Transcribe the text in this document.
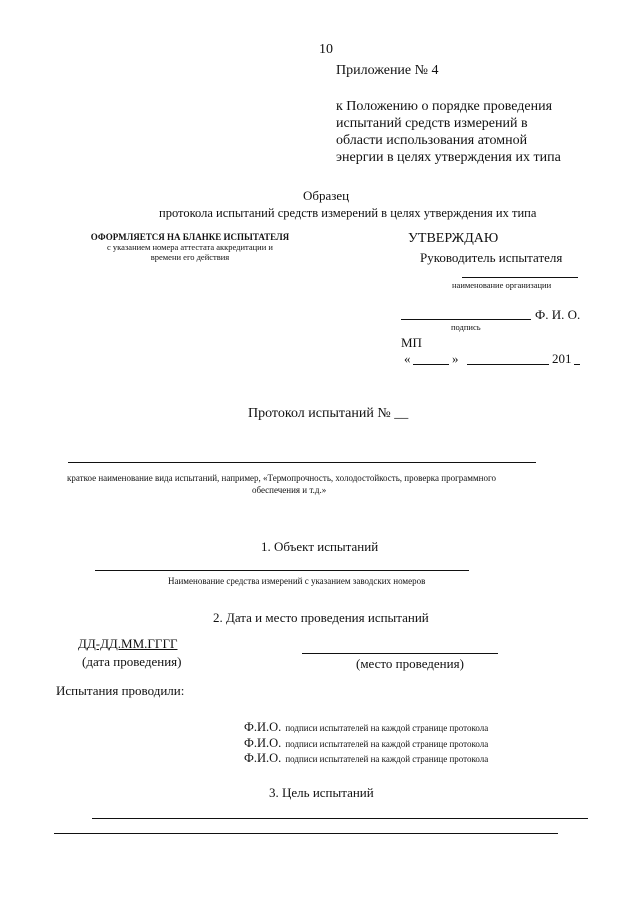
10
Приложение № 4
к Положению о порядке проведения
испытаний средств измерений в
области использования атомной
энергии в целях утверждения их типа
Образец
протокола испытаний средств измерений в целях утверждения их типа
ОФОРМЛЯЕТСЯ НА БЛАНКЕ ИСПЫТАТЕЛЯ
с указанием номера аттестата аккредитации и
времени его действия
УТВЕРЖДАЮ
Руководитель испытателя
наименование организации
Ф. И. О.
подпись
МП
«	»	201
Протокол испытаний № __
краткое наименование вида испытаний, например, «Термопрочность, холодостойкость, проверка программного
обеспечения и т.д.»
1. Объект испытаний
Наименование средства измерений с указанием заводских номеров
2. Дата и место проведения испытаний
ДД-ДД.ММ.ГГГГ
(дата проведения)	(место проведения)
Испытания проводили:
Ф.И.О. подписи испытателей на каждой странице протокола
Ф.И.О. подписи испытателей на каждой странице протокола
Ф.И.О. подписи испытателей на каждой странице протокола
3. Цель испытаний
